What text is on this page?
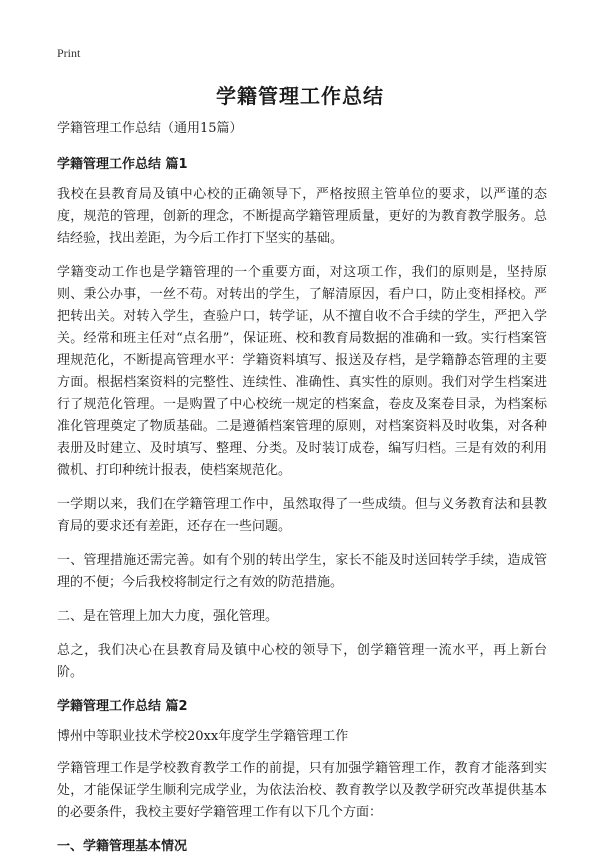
Print
学籍管理工作总结

学籍管理工作总结（通用15篇）

学籍管理工作总结 篇1

我校在县教育局及镇中心校的正确领导下，严格按照主管单位的要求，以严谨的态度，规范的管理，创新的理念，不断提高学籍管理质量，更好的为教育教学服务。总结经验，找出差距，为今后工作打下坚实的基础。

学籍变动工作也是学籍管理的一个重要方面，对这项工作，我们的原则是，坚持原则、秉公办事，一丝不苟。对转出的学生，了解清原因，看户口，防止变相择校。严把转出关。对转入学生，查验户口，转学证，从不擅自收不合手续的学生，严把入学关。经常和班主任对“点名册”，保证班、校和教育局数据的准确和一致。实行档案管理规范化，不断提高管理水平：学籍资料填写、报送及存档，是学籍静态管理的主要方面。根据档案资料的完整性、连续性、准确性、真实性的原则。我们对学生档案进行了规范化管理。一是购置了中心校统一规定的档案盒，卷皮及案卷目录，为档案标准化管理奠定了物质基础。二是遵循档案管理的原则，对档案资料及时收集，对各种表册及时建立、及时填写、整理、分类。及时装订成卷，编写归档。三是有效的利用微机、打印种统计报表，使档案规范化。

一学期以来，我们在学籍管理工作中，虽然取得了一些成绩。但与义务教育法和县教育局的要求还有差距，还存在一些问题。

一、管理措施还需完善。如有个别的转出学生，家长不能及时送回转学手续，造成管理的不便；今后我校将制定行之有效的防范措施。

二、是在管理上加大力度，强化管理。

总之，我们决心在县教育局及镇中心校的领导下，创学籍管理一流水平，再上新台阶。

学籍管理工作总结 篇2

博州中等职业技术学校20xx年度学生学籍管理工作

学籍管理工作是学校教育教学工作的前提，只有加强学籍管理工作，教育才能落到实处，才能保证学生顺利完成学业，为依法治校、教育教学以及教学研究改革提供基本的必要条件，我校主要好学籍管理工作有以下几个方面：

一、学籍管理基本情况
